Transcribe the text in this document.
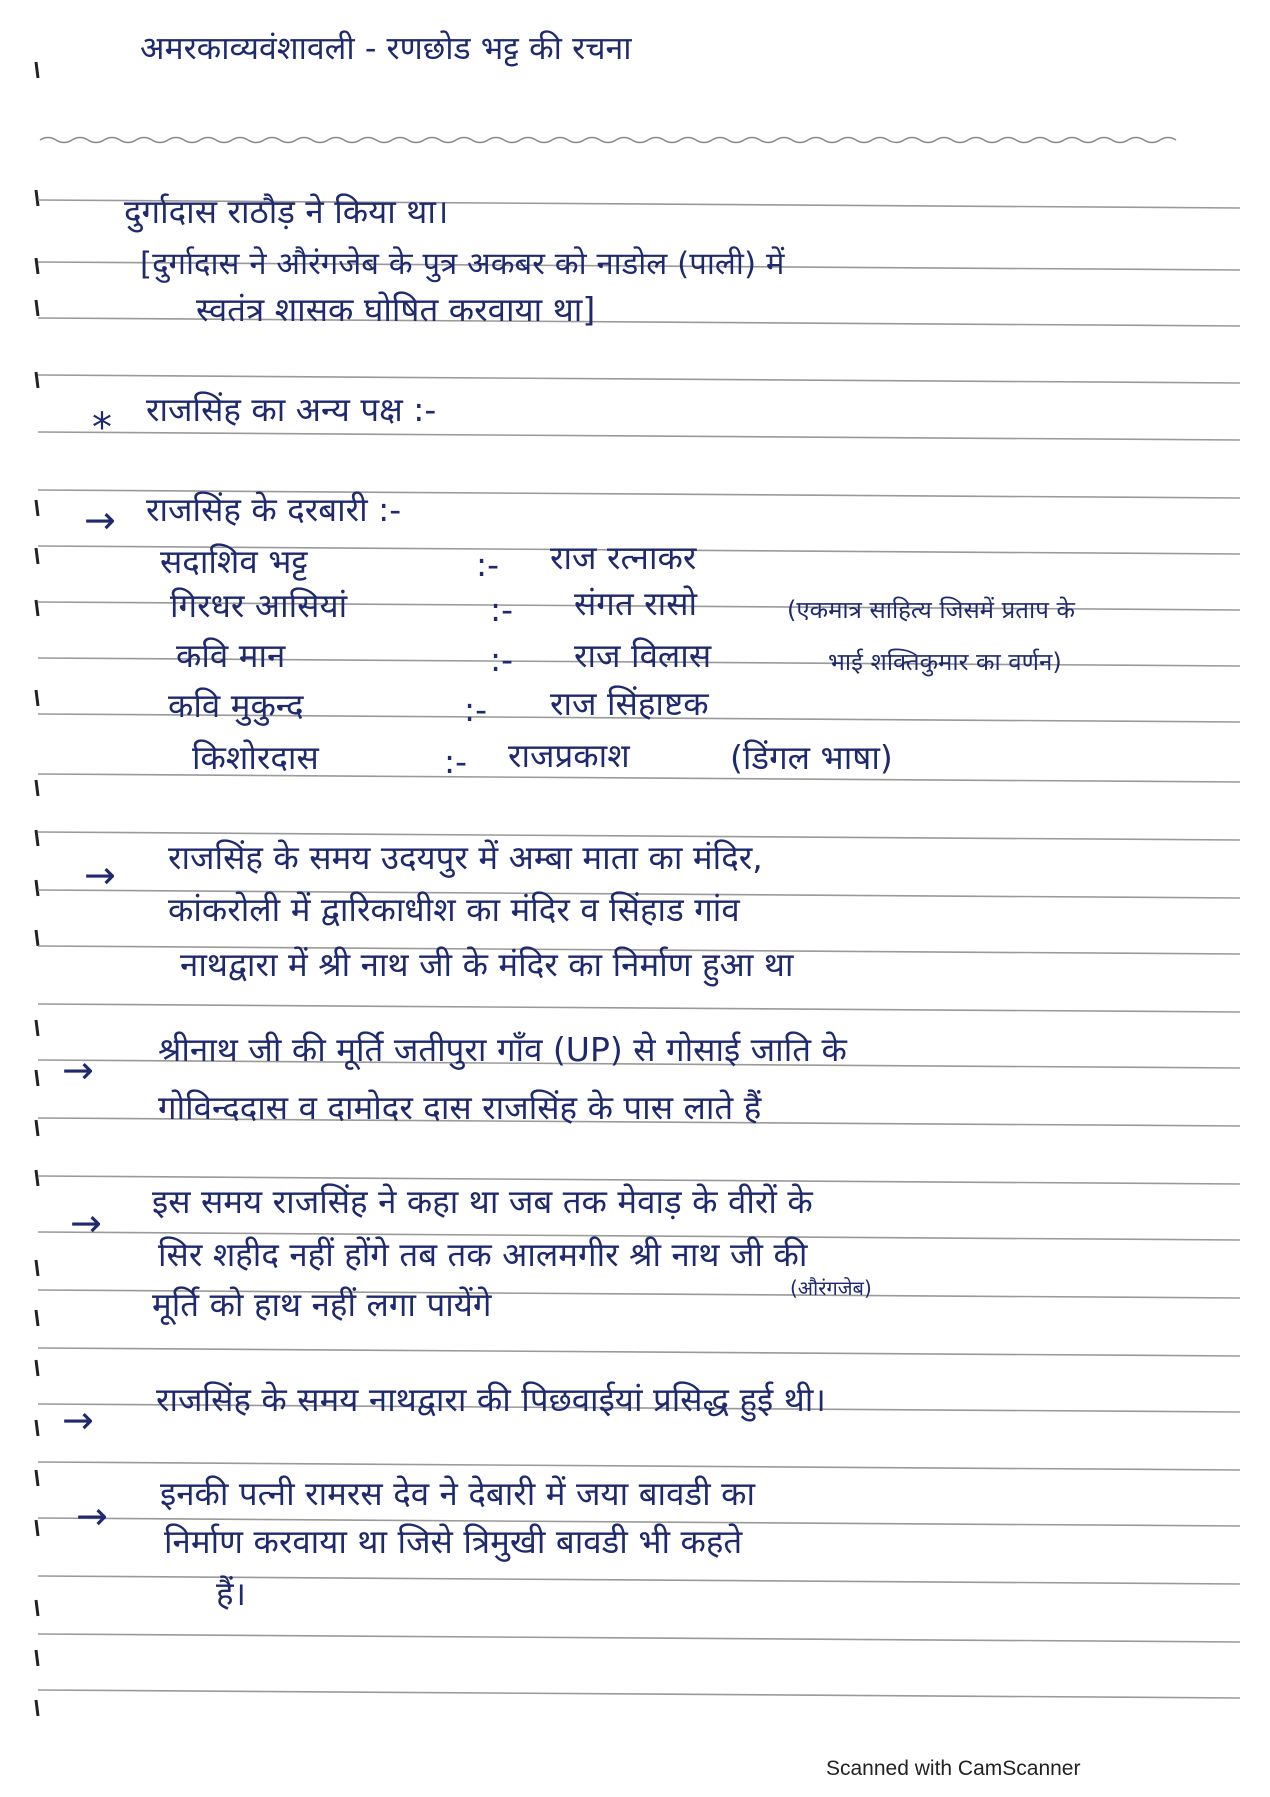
अमरकाव्यवंशावली - रणछोड भट्ट की रचना
दुर्गादास राठौड़ ने किया था।
[दुर्गादास ने औरंगजेब के पुत्र अकबर को नाडोल (पाली) में
स्वतंत्र शासक घोषित करवाया था]
* राजसिंह का अन्य पक्ष :-
→ राजसिंह के दरबारी :-
सदाशिव भट्ट	:- राज रत्नाकर
गिरधर आसियां	:- संगत रासो	(एकमात्र साहित्य जिसमें प्रताप के
कवि मान	:- राज विलास	भाई शक्तिकुमार का वर्णन)
कवि मुकुन्द	:- राज सिंहाष्टक
किशोरदास	:- राजप्रकाश	(डिंगल भाषा)
→ राजसिंह के समय उदयपुर में अम्बा माता का मंदिर,
कांकरोली में द्वारिकाधीश का मंदिर व सिंहाड गांव
नाथद्वारा में श्री नाथ जी के मंदिर का निर्माण हुआ था
→ श्रीनाथ जी की मूर्ति जतीपुरा गाँव (UP) से गोसाई जाति के
गोविन्ददास व दामोदर दास राजसिंह के पास लाते हैं
→ इस समय राजसिंह ने कहा था जब तक मेवाड़ के वीरों के
सिर शहीद नहीं होंगे तब तक आलमगीर श्री नाथ जी की
(औरंगजेब)
मूर्ति को हाथ नहीं लगा पायेंगे
→ राजसिंह के समय नाथद्वारा की पिछवाईयां प्रसिद्ध हुई थी।
→
इनकी पत्नी रामरस देव ने देबारी में जया बावडी का
निर्माण करवाया था जिसे त्रिमुखी बावडी भी कहते
हैं।
Scanned with CamScanner
